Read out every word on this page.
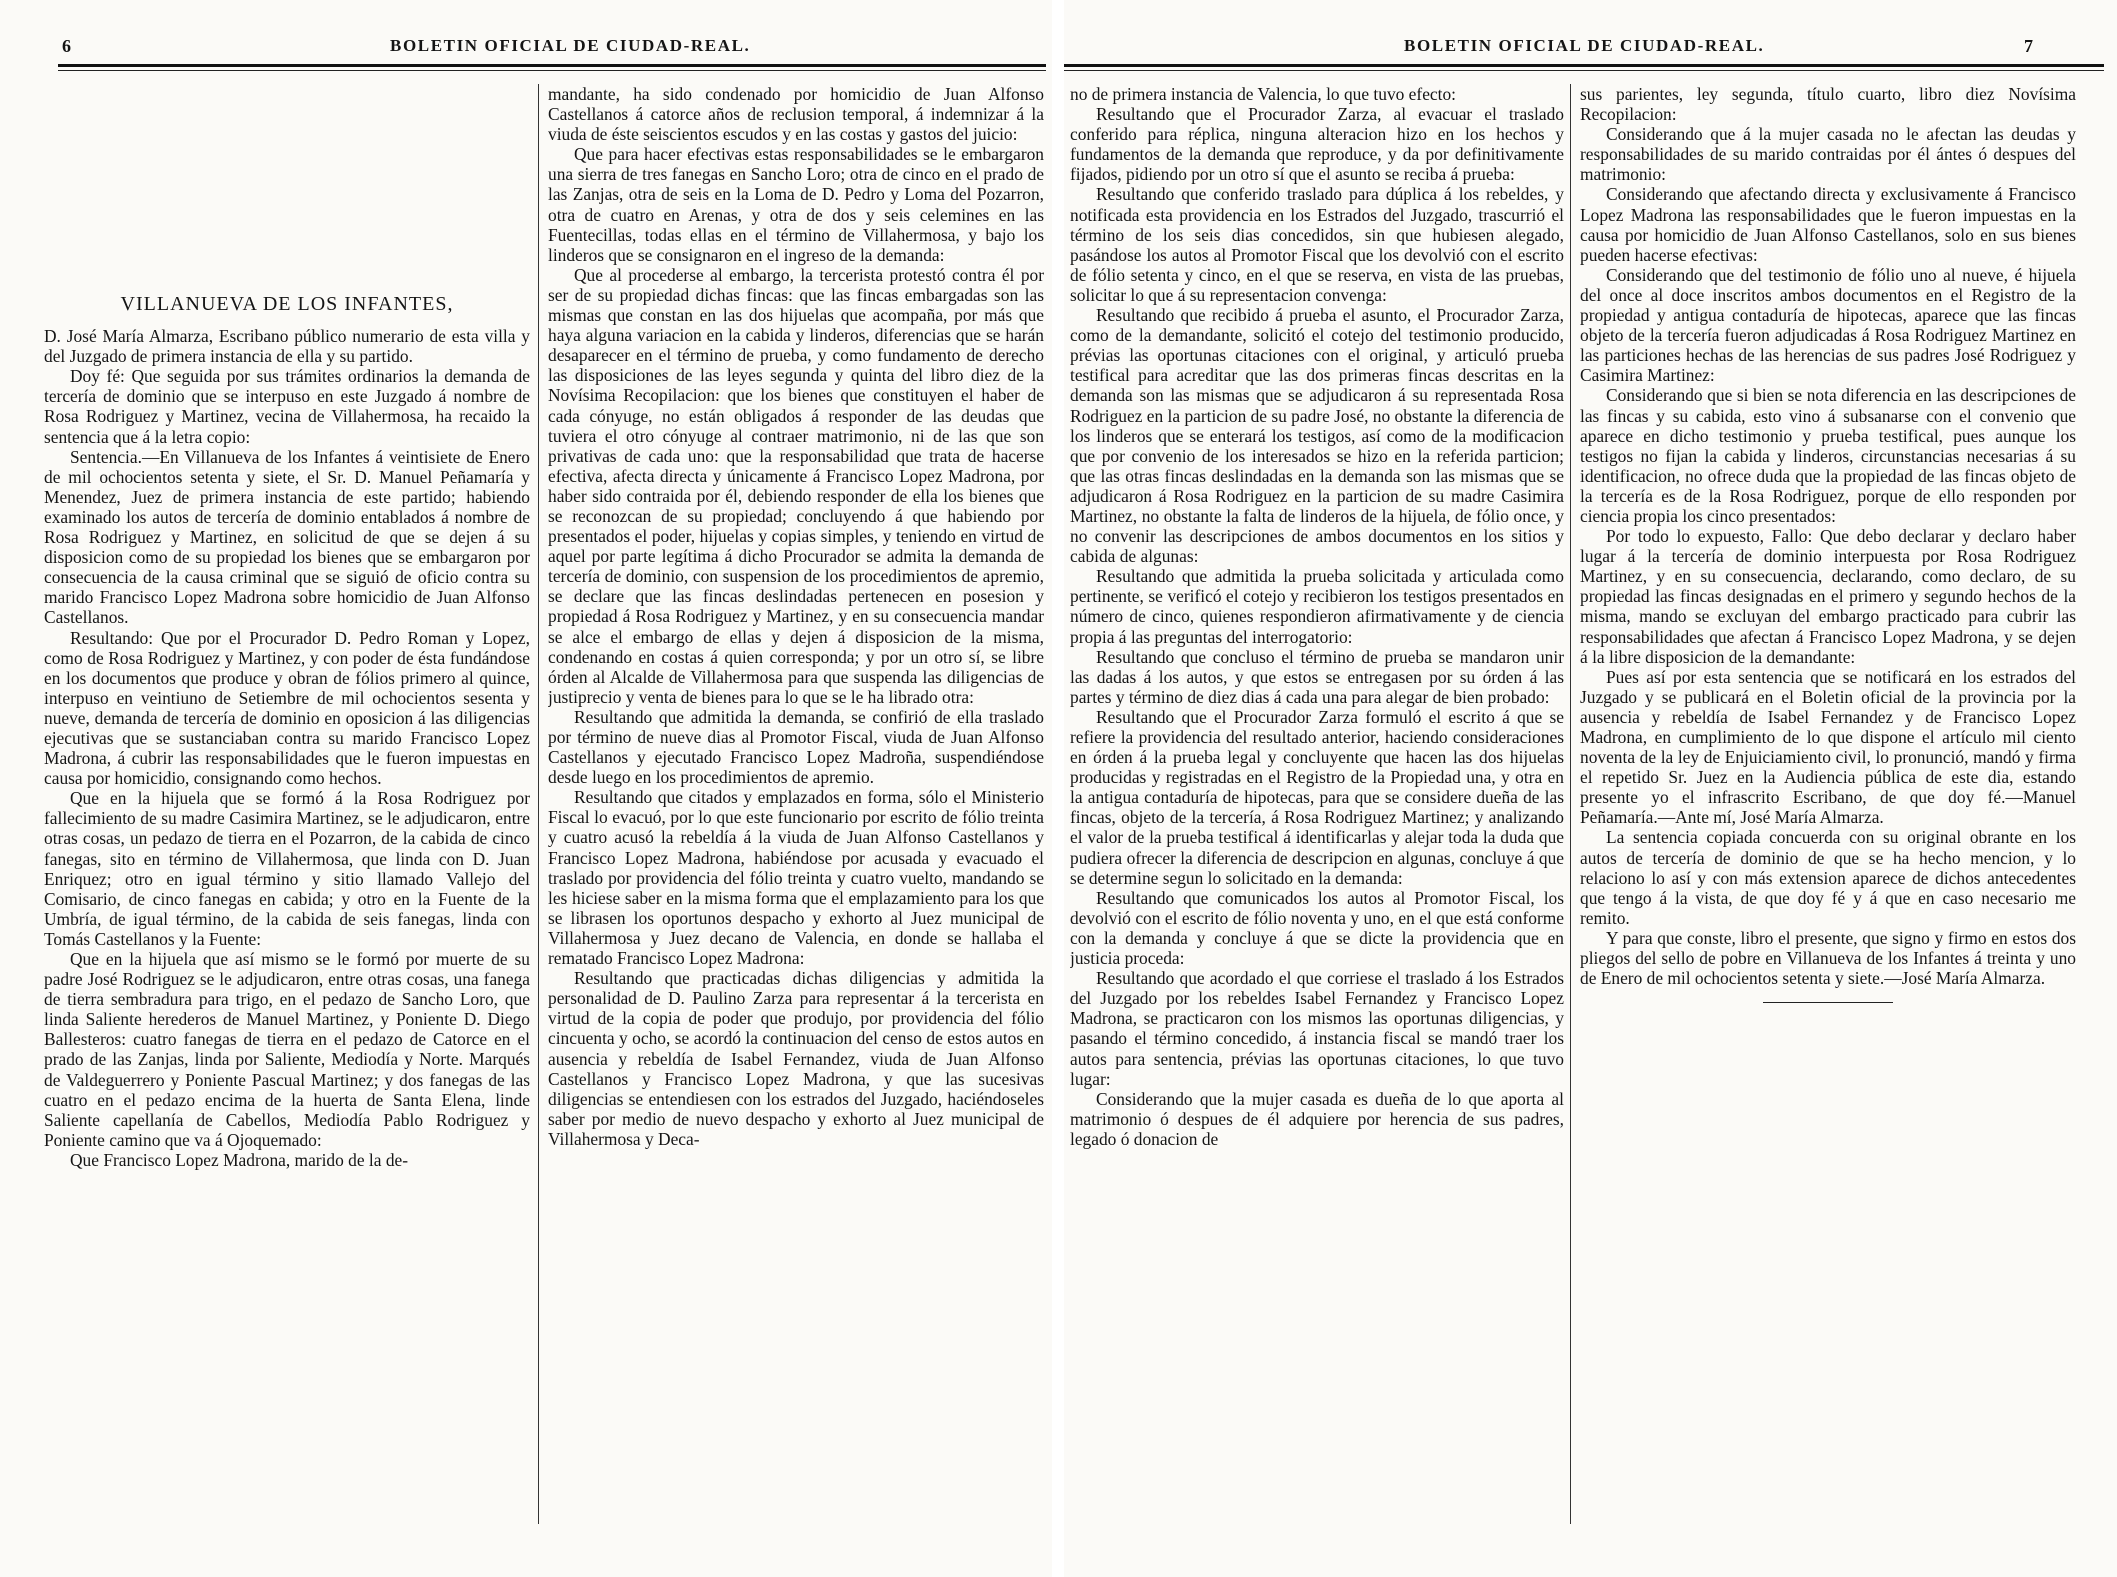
6	BOLETIN OFICIAL DE CIUDAD-REAL.

VILLANUEVA DE LOS INFANTES,

D. José María Almarza, Escribano público numerario de esta villa y del Juzgado de primera instancia de ella y su partido.

Doy fé: Que seguida por sus trámites ordinarios la demanda de tercería de dominio que se interpuso en este Juzgado á nombre de Rosa Rodriguez y Martinez, vecina de Villahermosa, ha recaido la sentencia que á la letra copio:

Sentencia.—En Villanueva de los Infantes á veintisiete de Enero de mil ochocientos setenta y siete, el Sr. D. Manuel Peñamaría y Menendez, Juez de primera instancia de este partido; habiendo examinado los autos de tercería de dominio entablados á nombre de Rosa Rodriguez y Martinez, en solicitud de que se dejen á su disposicion como de su propiedad los bienes que se embargaron por consecuencia de la causa criminal que se siguió de oficio contra su marido Francisco Lopez Madrona sobre homicidio de Juan Alfonso Castellanos.

Resultando: Que por el Procurador D. Pedro Roman y Lopez, como de Rosa Rodriguez y Martinez, y con poder de ésta fundándose en los documentos que produce y obran de fólios primero al quince, interpuso en veintiuno de Setiembre de mil ochocientos sesenta y nueve, demanda de tercería de dominio en oposicion á las diligencias ejecutivas que se sustanciaban contra su marido Francisco Lopez Madrona, á cubrir las responsabilidades que le fueron impuestas en causa por homicidio, consignando como hechos.

Que en la hijuela que se formó á la Rosa Rodriguez por fallecimiento de su madre Casimira Martinez, se le adjudicaron, entre otras cosas, un pedazo de tierra en el Pozarron, de la cabida de cinco fanegas, sito en término de Villahermosa, que linda con D. Juan Enriquez; otro en igual término y sitio llamado Vallejo del Comisario, de cinco fanegas en cabida; y otro en la Fuente de la Umbría, de igual término, de la cabida de seis fanegas, linda con Tomás Castellanos y la Fuente:

Que en la hijuela que así mismo se le formó por muerte de su padre José Rodriguez se le adjudicaron, entre otras cosas, una fanega de tierra sembradura para trigo, en el pedazo de Sancho Loro, que linda Saliente herederos de Manuel Martinez, y Poniente D. Diego Ballesteros: cuatro fanegas de tierra en el pedazo de Catorce en el prado de las Zanjas, linda por Saliente, Mediodía y Norte. Marqués de Valdeguerrero y Poniente Pascual Martinez; y dos fanegas de las cuatro en el pedazo encima de la huerta de Santa Elena, linde Saliente capellanía de Cabellos, Mediodía Pablo Rodriguez y Poniente camino que va á Ojoquemado:

Que Francisco Lopez Madrona, marido de la de-

mandante, ha sido condenado por homicidio de Juan Alfonso Castellanos á catorce años de reclusion temporal, á indemnizar á la viuda de éste seiscientos escudos y en las costas y gastos del juicio:

Que para hacer efectivas estas responsabilidades se le embargaron una sierra de tres fanegas en Sancho Loro; otra de cinco en el prado de las Zanjas, otra de seis en la Loma de D. Pedro y Loma del Pozarron, otra de cuatro en Arenas, y otra de dos y seis celemines en las Fuentecillas, todas ellas en el término de Villahermosa, y bajo los linderos que se consignaron en el ingreso de la demanda:

Que al procederse al embargo, la tercerista protestó contra él por ser de su propiedad dichas fincas: que las fincas embargadas son las mismas que constan en las dos hijuelas que acompaña, por más que haya alguna variacion en la cabida y linderos, diferencias que se harán desaparecer en el término de prueba, y como fundamento de derecho las disposiciones de las leyes segunda y quinta del libro diez de la Novísima Recopilacion: que los bienes que constituyen el haber de cada cónyuge, no están obligados á responder de las deudas que tuviera el otro cónyuge al contraer matrimonio, ni de las que son privativas de cada uno: que la responsabilidad que trata de hacerse efectiva, afecta directa y únicamente á Francisco Lopez Madrona, por haber sido contraida por él, debiendo responder de ella los bienes que se reconozcan de su propiedad; concluyendo á que habiendo por presentados el poder, hijuelas y copias simples, y teniendo en virtud de aquel por parte legítima á dicho Procurador se admita la demanda de tercería de dominio, con suspension de los procedimientos de apremio, se declare que las fincas deslindadas pertenecen en posesion y propiedad á Rosa Rodriguez y Martinez, y en su consecuencia mandar se alce el embargo de ellas y dejen á disposicion de la misma, condenando en costas á quien corresponda; y por un otro sí, se libre órden al Alcalde de Villahermosa para que suspenda las diligencias de justiprecio y venta de bienes para lo que se le ha librado otra:

Resultando que admitida la demanda, se confirió de ella traslado por término de nueve dias al Promotor Fiscal, viuda de Juan Alfonso Castellanos y ejecutado Francisco Lopez Madroña, suspendiéndose desde luego en los procedimientos de apremio.

Resultando que citados y emplazados en forma, sólo el Ministerio Fiscal lo evacuó, por lo que este funcionario por escrito de fólio treinta y cuatro acusó la rebeldía á la viuda de Juan Alfonso Castellanos y Francisco Lopez Madrona, habiéndose por acusada y evacuado el traslado por providencia del fólio treinta y cuatro vuelto, mandando se les hiciese saber en la misma forma que el emplazamiento para los que se librasen los oportunos despacho y exhorto al Juez municipal de Villahermosa y Juez decano de Valencia, en donde se hallaba el rematado Francisco Lopez Madrona:

Resultando que practicadas dichas diligencias y admitida la personalidad de D. Paulino Zarza para representar á la tercerista en virtud de la copia de poder que produjo, por providencia del fólio cincuenta y ocho, se acordó la continuacion del censo de estos autos en ausencia y rebeldía de Isabel Fernandez, viuda de Juan Alfonso Castellanos y Francisco Lopez Madrona, y que las sucesivas diligencias se entendiesen con los estrados del Juzgado, haciéndoseles saber por medio de nuevo despacho y exhorto al Juez municipal de Villahermosa y Deca-

BOLETIN OFICIAL DE CIUDAD-REAL.	7

no de primera instancia de Valencia, lo que tuvo efecto:

Resultando que el Procurador Zarza, al evacuar el traslado conferido para réplica, ninguna alteracion hizo en los hechos y fundamentos de la demanda que reproduce, y da por definitivamente fijados, pidiendo por un otro sí que el asunto se reciba á prueba:

Resultando que conferido traslado para dúplica á los rebeldes, y notificada esta providencia en los Estrados del Juzgado, trascurrió el término de los seis dias concedidos, sin que hubiesen alegado, pasándose los autos al Promotor Fiscal que los devolvió con el escrito de fólio setenta y cinco, en el que se reserva, en vista de las pruebas, solicitar lo que á su representacion convenga:

Resultando que recibido á prueba el asunto, el Procurador Zarza, como de la demandante, solicitó el cotejo del testimonio producido, prévias las oportunas citaciones con el original, y articuló prueba testifical para acreditar que las dos primeras fincas descritas en la demanda son las mismas que se adjudicaron á su representada Rosa Rodriguez en la particion de su padre José, no obstante la diferencia de los linderos que se enterará los testigos, así como de la modificacion que por convenio de los interesados se hizo en la referida particion; que las otras fincas deslindadas en la demanda son las mismas que se adjudicaron á Rosa Rodriguez en la particion de su madre Casimira Martinez, no obstante la falta de linderos de la hijuela, de fólio once, y no convenir las descripciones de ambos documentos en los sitios y cabida de algunas:

Resultando que admitida la prueba solicitada y articulada como pertinente, se verificó el cotejo y recibieron los testigos presentados en número de cinco, quienes respondieron afirmativamente y de ciencia propia á las preguntas del interrogatorio:

Resultando que concluso el término de prueba se mandaron unir las dadas á los autos, y que estos se entregasen por su órden á las partes y término de diez dias á cada una para alegar de bien probado:

Resultando que el Procurador Zarza formuló el escrito á que se refiere la providencia del resultado anterior, haciendo consideraciones en órden á la prueba legal y concluyente que hacen las dos hijuelas producidas y registradas en el Registro de la Propiedad una, y otra en la antigua contaduría de hipotecas, para que se considere dueña de las fincas, objeto de la tercería, á Rosa Rodriguez Martinez; y analizando el valor de la prueba testifical á identificarlas y alejar toda la duda que pudiera ofrecer la diferencia de descripcion en algunas, concluye á que se determine segun lo solicitado en la demanda:

Resultando que comunicados los autos al Promotor Fiscal, los devolvió con el escrito de fólio noventa y uno, en el que está conforme con la demanda y concluye á que se dicte la providencia que en justicia proceda:

Resultando que acordado el que corriese el traslado á los Estrados del Juzgado por los rebeldes Isabel Fernandez y Francisco Lopez Madrona, se practicaron con los mismos las oportunas diligencias, y pasando el término concedido, á instancia fiscal se mandó traer los autos para sentencia, prévias las oportunas citaciones, lo que tuvo lugar:

Considerando que la mujer casada es dueña de lo que aporta al matrimonio ó despues de él adquiere por herencia de sus padres, legado ó donacion de

sus parientes, ley segunda, título cuarto, libro diez Novísima Recopilacion:

Considerando que á la mujer casada no le afectan las deudas y responsabilidades de su marido contraidas por él ántes ó despues del matrimonio:

Considerando que afectando directa y exclusivamente á Francisco Lopez Madrona las responsabilidades que le fueron impuestas en la causa por homicidio de Juan Alfonso Castellanos, solo en sus bienes pueden hacerse efectivas:

Considerando que del testimonio de fólio uno al nueve, é hijuela del once al doce inscritos ambos documentos en el Registro de la propiedad y antigua contaduría de hipotecas, aparece que las fincas objeto de la tercería fueron adjudicadas á Rosa Rodriguez Martinez en las particiones hechas de las herencias de sus padres José Rodriguez y Casimira Martinez:

Considerando que si bien se nota diferencia en las descripciones de las fincas y su cabida, esto vino á subsanarse con el convenio que aparece en dicho testimonio y prueba testifical, pues aunque los testigos no fijan la cabida y linderos, circunstancias necesarias á su identificacion, no ofrece duda que la propiedad de las fincas objeto de la tercería es de la Rosa Rodriguez, porque de ello responden por ciencia propia los cinco presentados:

Por todo lo expuesto, Fallo: Que debo declarar y declaro haber lugar á la tercería de dominio interpuesta por Rosa Rodriguez Martinez, y en su consecuencia, declarando, como declaro, de su propiedad las fincas designadas en el primero y segundo hechos de la misma, mando se excluyan del embargo practicado para cubrir las responsabilidades que afectan á Francisco Lopez Madrona, y se dejen á la libre disposicion de la demandante:

Pues así por esta sentencia que se notificará en los estrados del Juzgado y se publicará en el Boletin oficial de la provincia por la ausencia y rebeldía de Isabel Fernandez y de Francisco Lopez Madrona, en cumplimiento de lo que dispone el artículo mil ciento noventa de la ley de Enjuiciamiento civil, lo pronunció, mandó y firma el repetido Sr. Juez en la Audiencia pública de este dia, estando presente yo el infrascrito Escribano, de que doy fé.—Manuel Peñamaría.—Ante mí, José María Almarza.

La sentencia copiada concuerda con su original obrante en los autos de tercería de dominio de que se ha hecho mencion, y lo relaciono lo así y con más extension aparece de dichos antecedentes que tengo á la vista, de que doy fé y á que en caso necesario me remito.

Y para que conste, libro el presente, que signo y firmo en estos dos pliegos del sello de pobre en Villanueva de los Infantes á treinta y uno de Enero de mil ochocientos setenta y siete.—José María Almarza.
